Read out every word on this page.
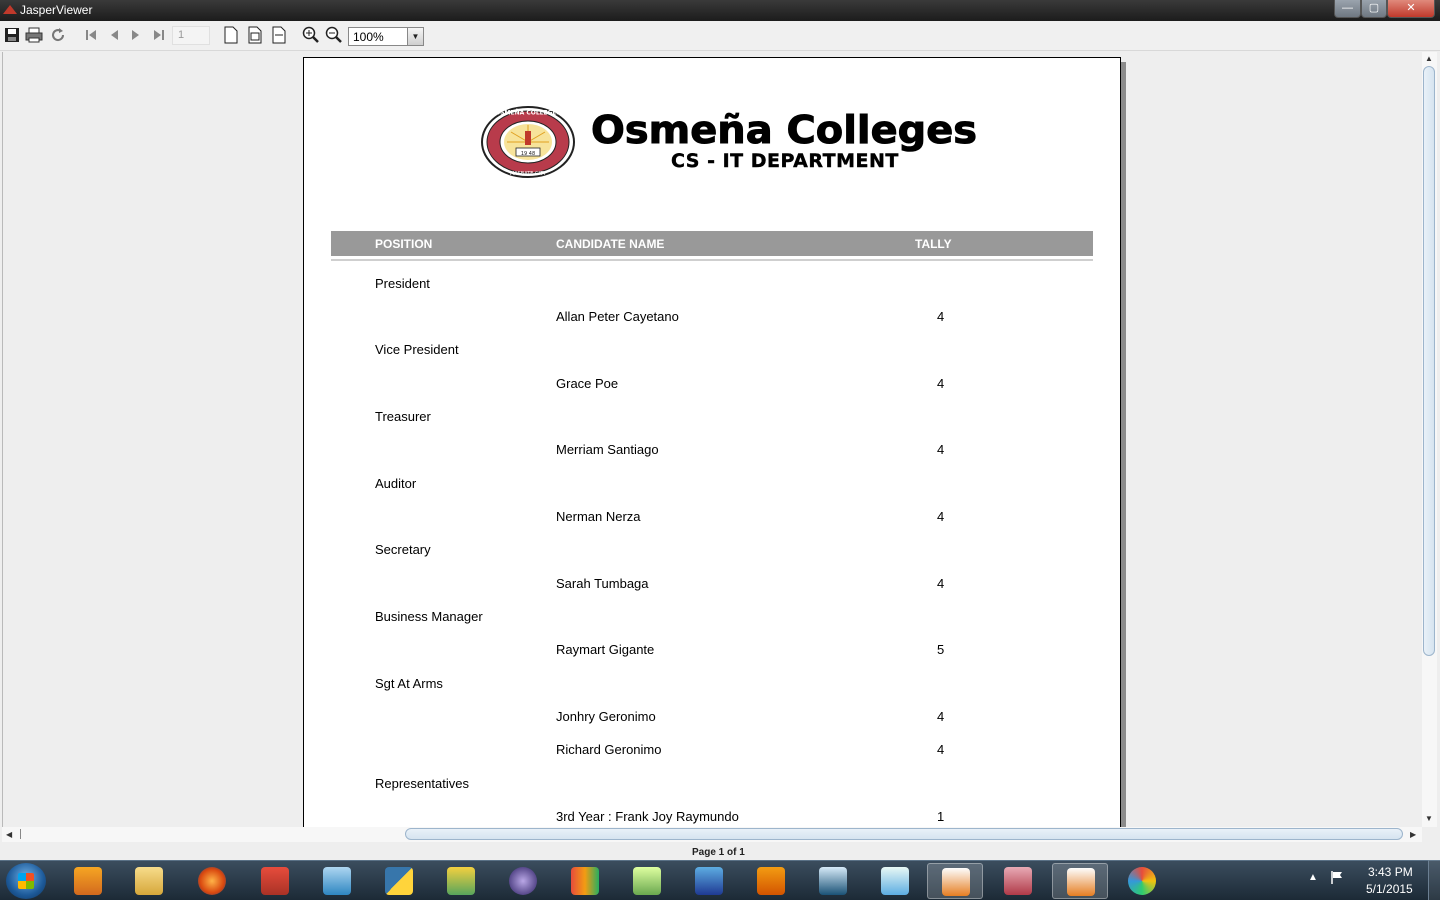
JasperViewer	—	▢	✕
1	100%	▼
OSMEÑA COLLEGES
MASBATE CITY
19 48
Osmeña Colleges
CS - IT DEPARTMENT
POSITION	CANDIDATE NAME	TALLY
President
Allan Peter Cayetano	4
Vice President
Grace Poe	4
Treasurer
Merriam Santiago	4
Auditor
Nerman Nerza	4
Secretary
Sarah Tumbaga	4
Business Manager
Raymart Gigante	5
Sgt At Arms
Jonhry Geronimo	4
Richard Geronimo	4
Representatives
3rd Year : Frank Joy Raymundo	1
▲
▼
◀	▶
Page 1 of 1
▲	3:43 PM
5/1/2015
